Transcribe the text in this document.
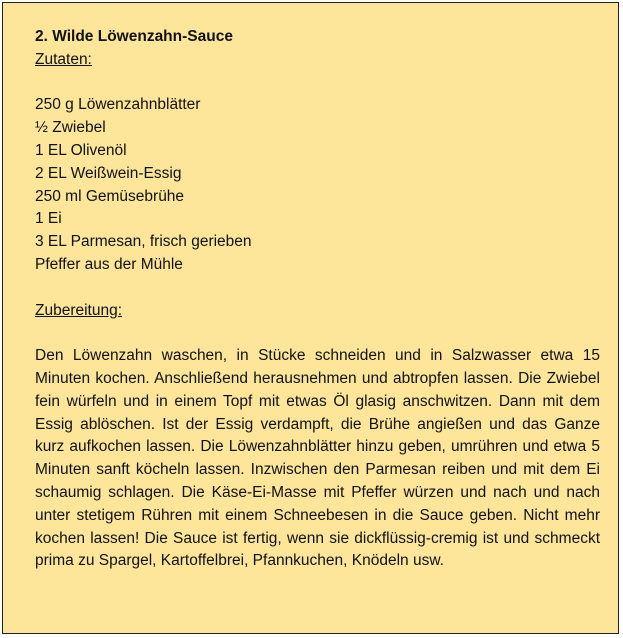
2. Wilde Löwenzahn-Sauce

Zutaten:

250 g Löwenzahnblätter
½ Zwiebel
1 EL Olivenöl
2 EL Weißwein-Essig
250 ml Gemüsebrühe
1 Ei
3 EL Parmesan, frisch gerieben
Pfeffer aus der Mühle

Zubereitung:

Den Löwenzahn waschen, in Stücke schneiden und in Salzwasser etwa 15 Minuten kochen. Anschließend herausnehmen und abtropfen lassen. Die Zwiebel fein würfeln und in einem Topf mit etwas Öl glasig anschwitzen. Dann mit dem Essig ablöschen. Ist der Essig verdampft, die Brühe angießen und das Ganze kurz aufkochen lassen. Die Löwenzahnblätter hinzu geben, umrühren und etwa 5 Minuten sanft köcheln lassen. Inzwischen den Parmesan reiben und mit dem Ei schaumig schlagen. Die Käse-Ei-Masse mit Pfeffer würzen und nach und nach unter stetigem Rühren mit einem Schneebesen in die Sauce geben. Nicht mehr kochen lassen! Die Sauce ist fertig, wenn sie dickflüssig-cremig ist und schmeckt prima zu Spargel, Kartoffelbrei, Pfannkuchen, Knödeln usw.
